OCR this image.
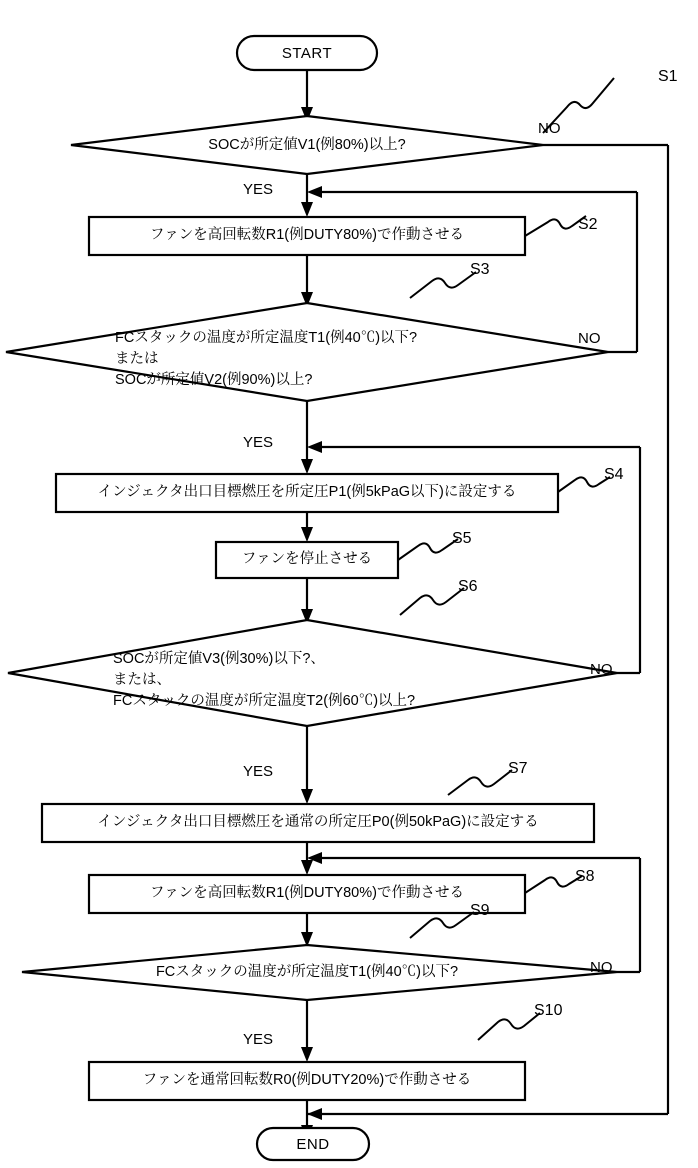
START
S1
SOCが所定値V1(例80%)以上?
NO
YES
S2
ファンを高回転数R1(例DUTY80%)で作動させる
S3
FCスタックの温度が所定温度T1(例40℃)以下?
または
SOCが所定値V2(例90%)以上?
NO
YES
S4
インジェクタ出口目標燃圧を所定圧P1(例5kPaG以下)に設定する
S5
ファンを停止させる
S6
SOCが所定値V3(例30%)以下?、
または、
FCスタックの温度が所定温度T2(例60℃)以上?
NO
YES	S7
インジェクタ出口目標燃圧を通常の所定圧P0(例50kPaG)に設定する
S8
ファンを高回転数R1(例DUTY80%)で作動させる
S9
FCスタックの温度が所定温度T1(例40℃)以下?	NO
YES
S10
ファンを通常回転数R0(例DUTY20%)で作動させる
END
